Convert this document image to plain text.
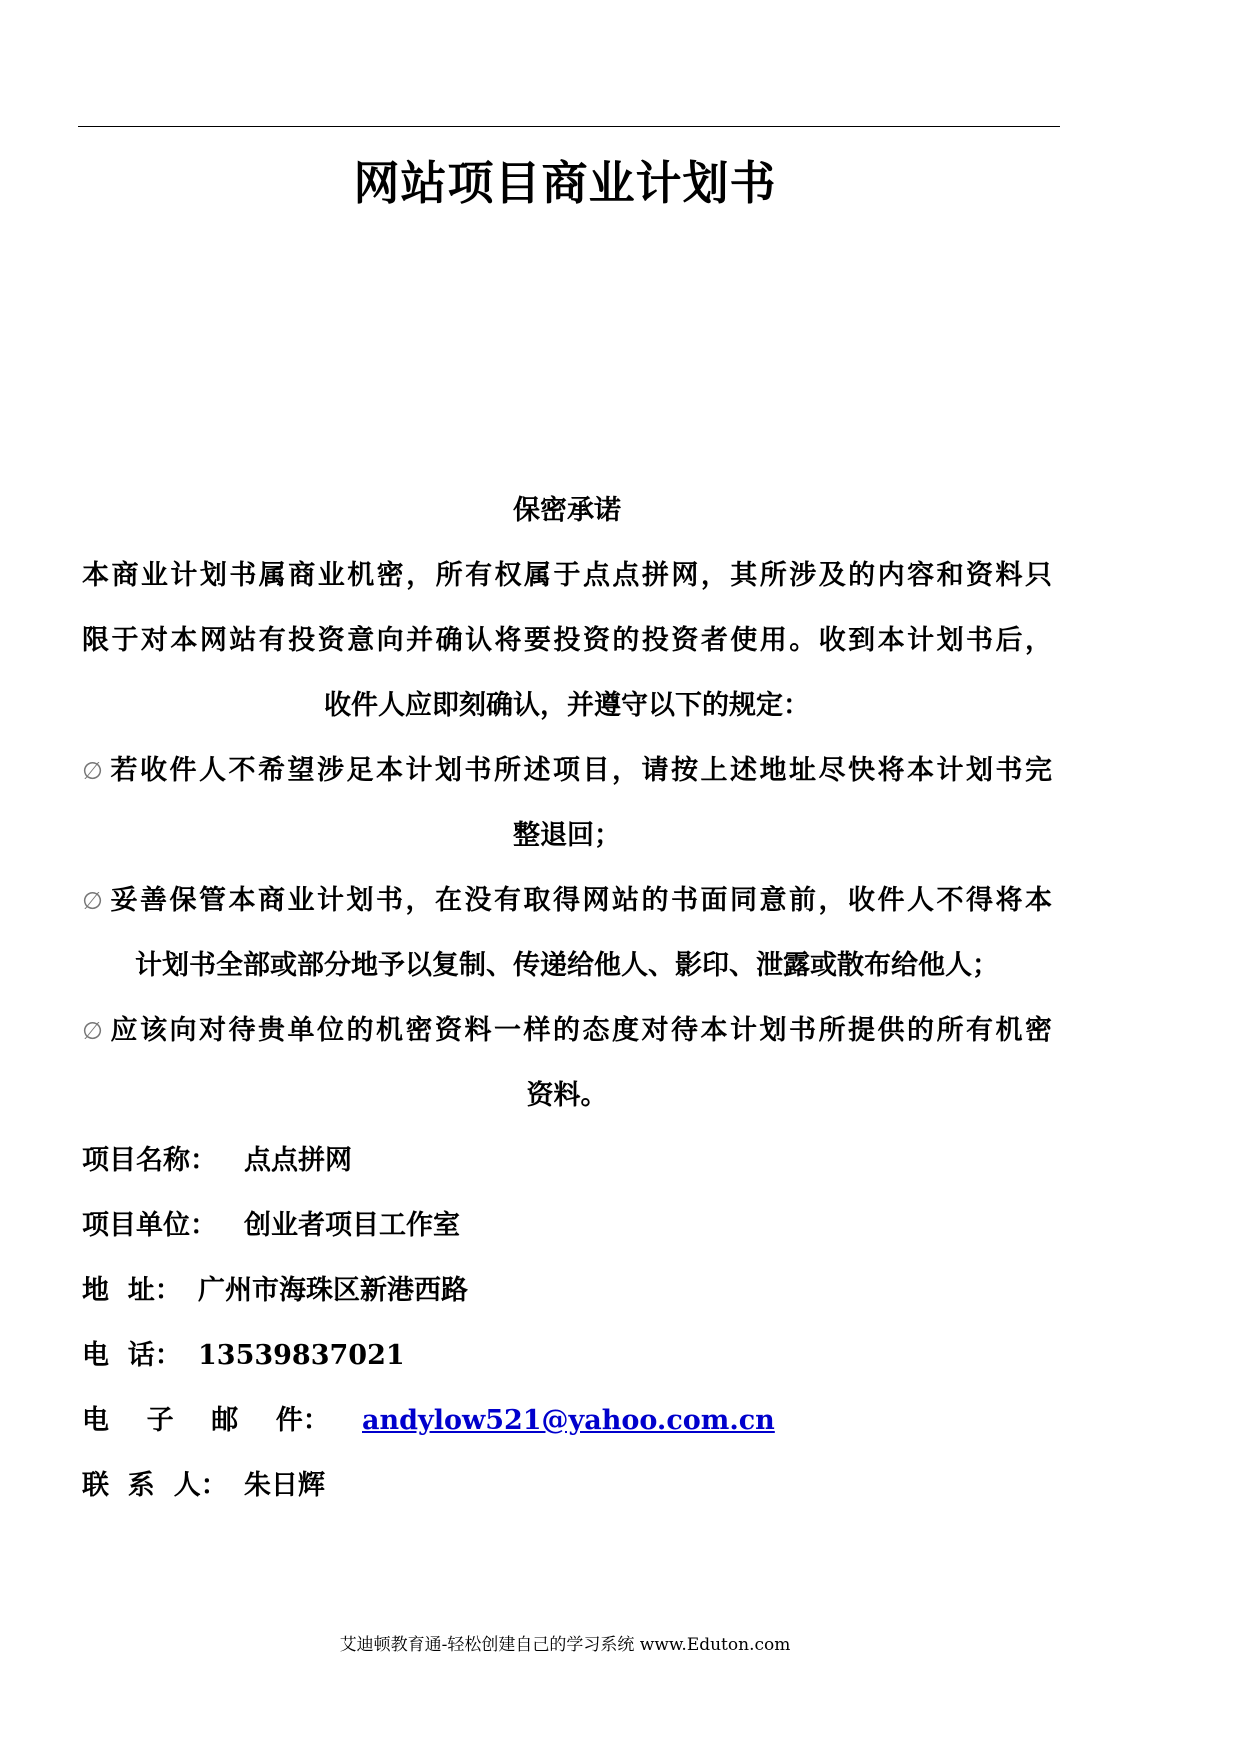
网站项目商业计划书
保密承诺
本商业计划书属商业机密，所有权属于点点拼网，其所涉及的内容和资料只
限于对本网站有投资意向并确认将要投资的投资者使用。收到本计划书后，
收件人应即刻确认，并遵守以下的规定：
∅ 若收件人不希望涉足本计划书所述项目，请按上述地址尽快将本计划书完
整退回；
∅ 妥善保管本商业计划书，在没有取得网站的书面同意前，收件人不得将本
计划书全部或部分地予以复制、传递给他人、影印、泄露或散布给他人；
∅ 应该向对待贵单位的机密资料一样的态度对待本计划书所提供的所有机密
资料。
项目名称： 点点拼网
项目单位： 创业者项目工作室
地  址： 广州市海珠区新港西路
电  话： 13539837021
电    子    邮    件： andylow521@yahoo.com.cn
联  系  人： 朱日辉
艾迪顿教育通-轻松创建自己的学习系统 www.Eduton.com
